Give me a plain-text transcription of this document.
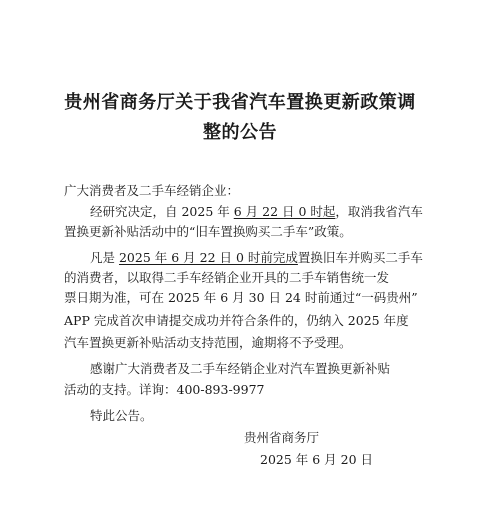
贵州省商务厅关于我省汽车置换更新政策调
整的公告
广大消费者及二手车经销企业：
经研究决定，自 2025 年 6 月 22 日 0 时起，取消我省汽车
置换更新补贴活动中的“旧车置换购买二手车”政策。
凡是 2025 年 6 月 22 日 0 时前完成置换旧车并购买二手车
的消费者，以取得二手车经销企业开具的二手车销售统一发
票日期为准，可在 2025 年 6 月 30 日 24 时前通过“一码贵州”
APP 完成首次申请提交成功并符合条件的，仍纳入 2025 年度
汽车置换更新补贴活动支持范围，逾期将不予受理。
感谢广大消费者及二手车经销企业对汽车置换更新补贴
活动的支持。详询：400-893-9977
特此公告。
贵州省商务厅
2025 年 6 月 20 日
